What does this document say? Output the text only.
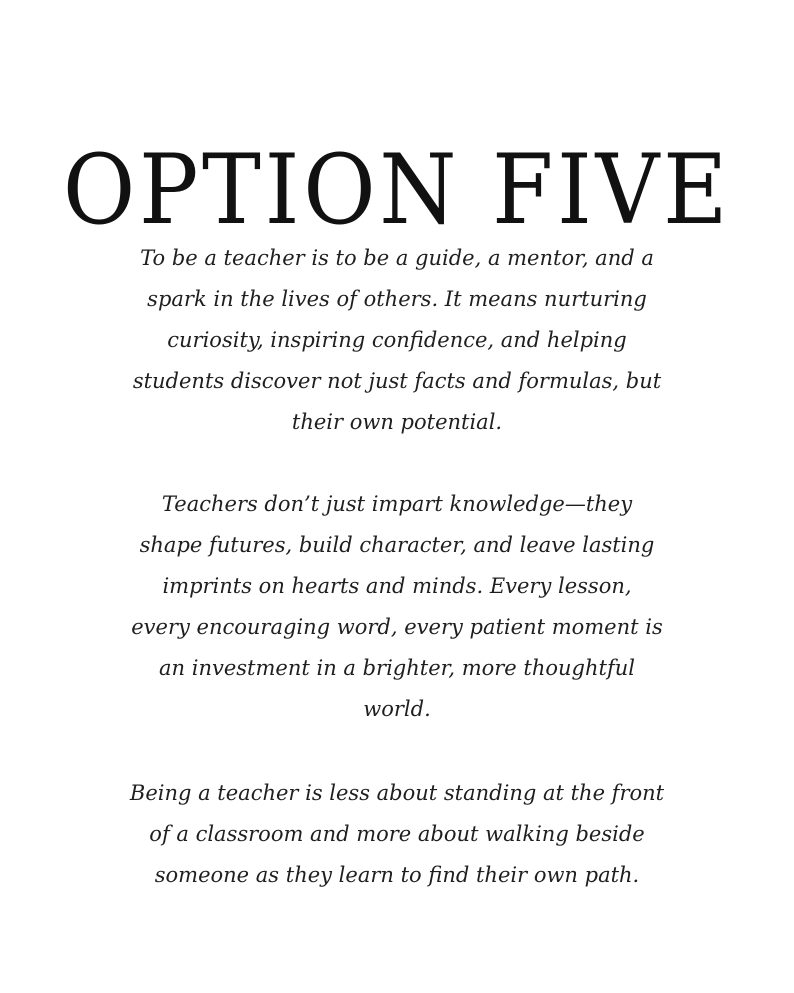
OPTION FIVE

To be a teacher is to be a guide, a mentor, and a
spark in the lives of others. It means nurturing
curiosity, inspiring confidence, and helping
students discover not just facts and formulas, but
their own potential.

Teachers don’t just impart knowledge—they
shape futures, build character, and leave lasting
imprints on hearts and minds. Every lesson,
every encouraging word, every patient moment is
an investment in a brighter, more thoughtful
world.

Being a teacher is less about standing at the front
of a classroom and more about walking beside
someone as they learn to find their own path.
